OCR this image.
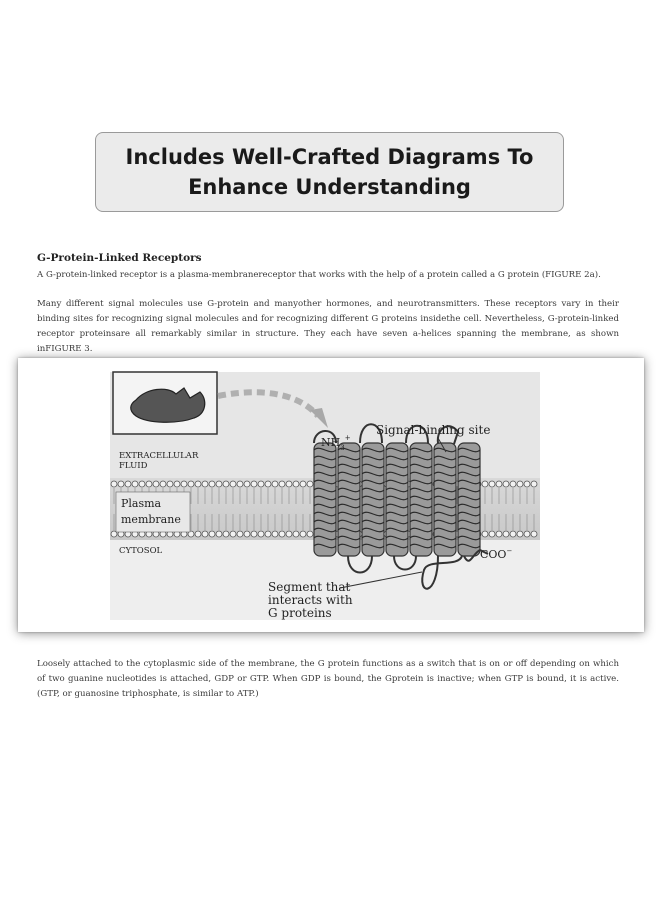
Includes Well-Crafted Diagrams To Enhance Understanding
G-Protein-Linked Receptors

A G-protein-linked receptor is a plasma-membranereceptor that works with the help of a protein called a G protein (FIGURE 2a).

Many different signal molecules use G-protein and manyother hormones, and neurotransmitters. These receptors vary in their binding sites for recognizing signal molecules and for recognizing different G proteins insidethe cell. Nevertheless, G-protein-linked receptor proteinsare all remarkably similar in structure. They each have seven a-helices spanning the membrane, as shown inFIGURE 3.

EXTRACELLULAR
FLUID
Plasma
membrane
CYTOSOL
$NH_3^+$
Signal-binding site
COO−
Segment that
interacts with
G proteins

Loosely attached to the cytoplasmic side of the membrane, the G protein functions as a switch that is on or off depending on which of two guanine nucleotides is attached, GDP or GTP. When GDP is bound, the Gprotein is inactive; when GTP is bound, it is active.(GTP, or guanosine triphosphate, is similar to ATP.)
